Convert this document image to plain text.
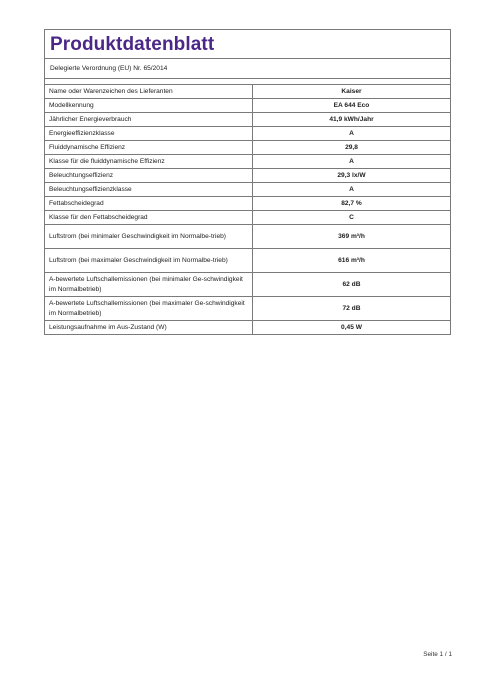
Produktdatenblatt
Delegierte Verordnung (EU) Nr. 65/2014
Name oder Warenzeichen des Lieferanten	Kaiser
Modellkennung	EA 644 Eco
Jährlicher Energieverbrauch	41,9 kWh/Jahr
Energieeffizienzklasse	A
Fluiddynamische Effizienz	29,8
Klasse für die fluiddynamische Effizienz	A
Beleuchtungseffizienz	29,3 lx/W
Beleuchtungseffizienzklasse	A
Fettabscheidegrad	82,7 %
Klasse für den Fettabscheidegrad	C
Luftstrom (bei minimaler Geschwindigkeit im Normalbe-trieb)	369 m³/h
Luftstrom (bei maximaler Geschwindigkeit im Normalbe-trieb)	616 m³/h
A-bewertete Luftschallemissionen (bei minimaler Ge-schwindigkeit im Normalbetrieb)	62 dB
A-bewertete Luftschallemissionen (bei maximaler Ge-schwindigkeit im Normalbetrieb)	72 dB
Leistungsaufnahme im Aus-Zustand (W)	0,45 W
Seite 1 / 1
